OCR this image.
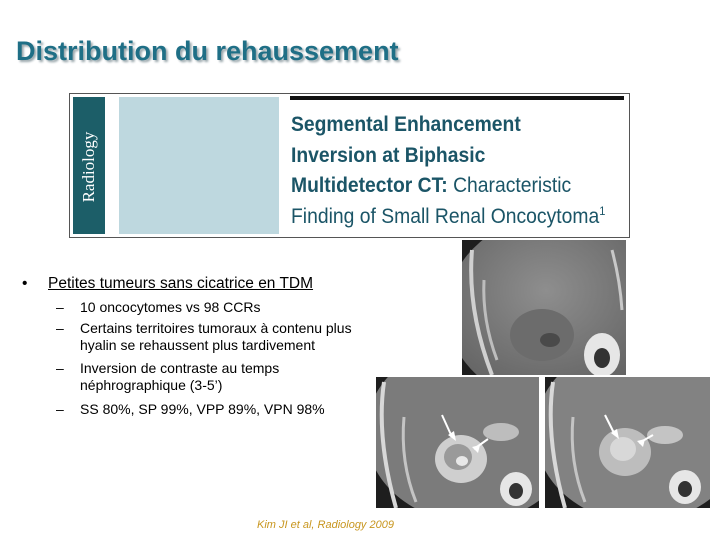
Distribution du rehaussement
Radiology
Segmental Enhancement
Inversion at Biphasic
Multidetector CT: Characteristic
Finding of Small Renal Oncocytoma$^1$
• Petites tumeurs sans cicatrice en TDM
– 10 oncocytomes vs 98 CCRs
– Certains territoires tumoraux à contenu plus hyalin se rehaussent plus tardivement
– Inversion de contraste au temps néphrographique (3-5’)
– SS 80%, SP 99%, VPP 89%, VPN 98%
Kim JI et al, Radiology 2009
